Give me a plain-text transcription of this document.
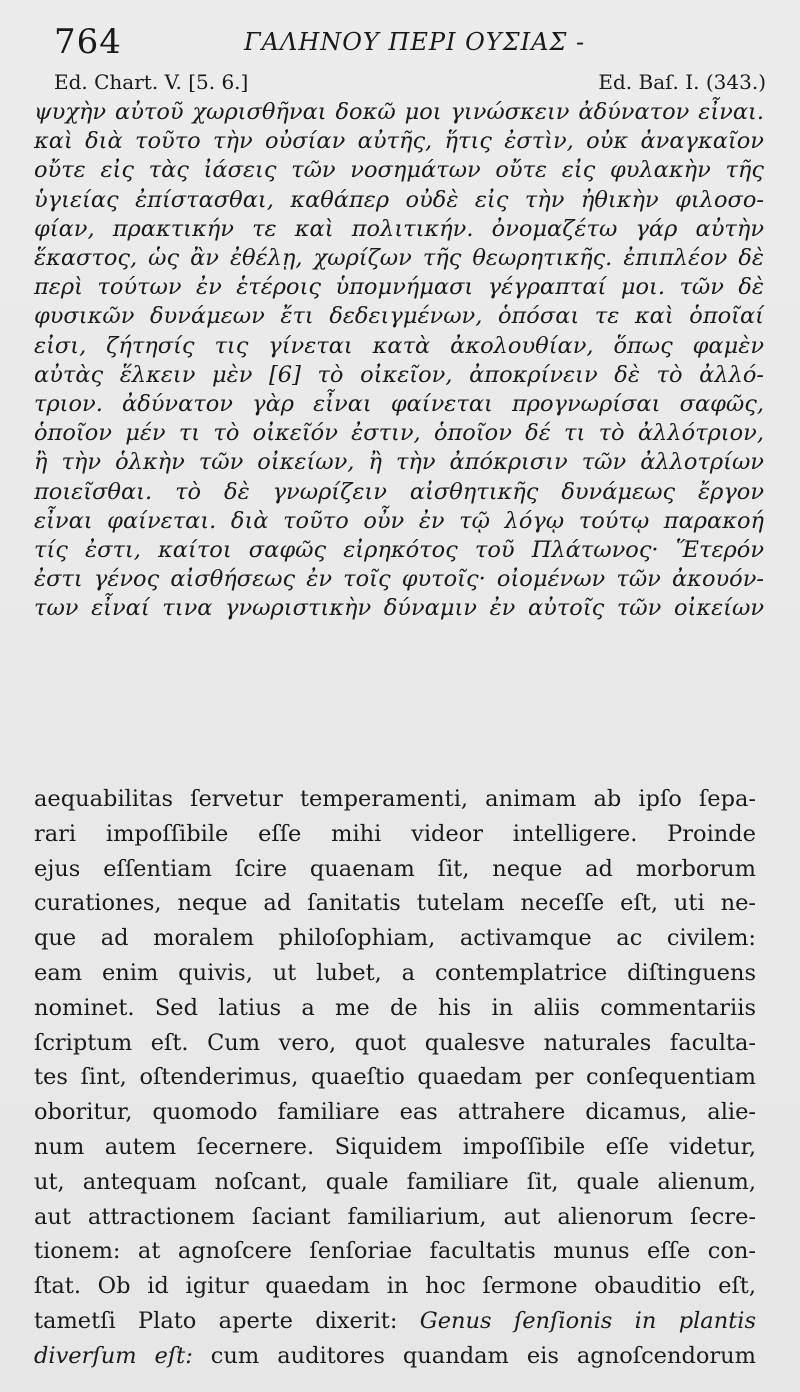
764	ΓΑΛΗΝΟΥ ΠΕΡΙ ΟΥΣΙΑΣ -
Ed. Chart. V. [5. 6.]	Ed. Baſ. I. (343.)
ψυχὴν αὐτοῦ χωρισθῆναι δοκῶ μοι γινώσκειν ἀδύνατον εἶναι.
καὶ διὰ τοῦτο τὴν οὐσίαν αὐτῆς, ἥτις ἐστὶν, οὐκ ἀναγκαῖον
οὔτε εἰς τὰς ἰάσεις τῶν νοσημάτων οὔτε εἰς φυλακὴν τῆς
ὑγιείας ἐπίστασθαι, καθάπερ οὐδὲ εἰς τὴν ἠθικὴν φιλοσο-
φίαν, πρακτικήν τε καὶ πολιτικήν. ὀνομαζέτω γάρ αὐτὴν
ἕκαστος, ὡς ἂν ἐθέλῃ, χωρίζων τῆς θεωρητικῆς. ἐπιπλέον δὲ
περὶ τούτων ἐν ἑτέροις ὑπομνήμασι γέγραπταί μοι. τῶν δὲ
φυσικῶν δυνάμεων ἔτι δεδειγμένων, ὁπόσαι τε καὶ ὁποῖαί
εἰσι, ζήτησίς τις γίνεται κατὰ ἀκολουθίαν, ὅπως φαμὲν
αὐτὰς ἕλκειν μὲν [6] τὸ οἰκεῖον, ἀποκρίνειν δὲ τὸ ἀλλό-
τριον. ἀδύνατον γὰρ εἶναι φαίνεται προγνωρίσαι σαφῶς,
ὁποῖον μέν τι τὸ οἰκεῖόν ἐστιν, ὁποῖον δέ τι τὸ ἀλλότριον,
ἢ τὴν ὁλκὴν τῶν οἰκείων, ἢ τὴν ἀπόκρισιν τῶν ἀλλοτρίων
ποιεῖσθαι. τὸ δὲ γνωρίζειν αἰσθητικῆς δυνάμεως ἔργον
εἶναι φαίνεται. διὰ τοῦτο οὖν ἐν τῷ λόγῳ τούτῳ παρακοή
τίς ἐστι, καίτοι σαφῶς εἰρηκότος τοῦ Πλάτωνος· Ἕτερόν
ἐστι γένος αἰσθήσεως ἐν τοῖς φυτοῖς· οἰομένων τῶν ἀκουόν-
των εἶναί τινα γνωριστικὴν δύναμιν ἐν αὐτοῖς τῶν οἰκείων
aequabilitas ſervetur temperamenti, animam ab ipſo ſepa-
rari impoſſibile eſſe mihi videor intelligere. Proinde
ejus eſſentiam ſcire quaenam ſit, neque ad morborum
curationes, neque ad ſanitatis tutelam neceſſe eſt, uti ne-
que ad moralem philoſophiam, activamque ac civilem:
eam enim quivis, ut lubet, a contemplatrice diſtinguens
nominet. Sed latius a me de his in aliis commentariis
ſcriptum eſt. Cum vero, quot qualesve naturales faculta-
tes ſint, oſtenderimus, quaeſtio quaedam per conſequentiam
oboritur, quomodo familiare eas attrahere dicamus, alie-
num autem ſecernere. Siquidem impoſſibile eſſe videtur,
ut, antequam noſcant, quale familiare ſit, quale alienum,
aut attractionem ſaciant familiarium, aut alienorum ſecre-
tionem: at agnoſcere ſenſoriae facultatis munus eſſe con-
ſtat. Ob id igitur quaedam in hoc ſermone obauditio eſt,
tametſi Plato aperte dixerit: Genus ſenſionis in plantis
diverſum eſt: cum auditores quandam eis agnoſcendorum
